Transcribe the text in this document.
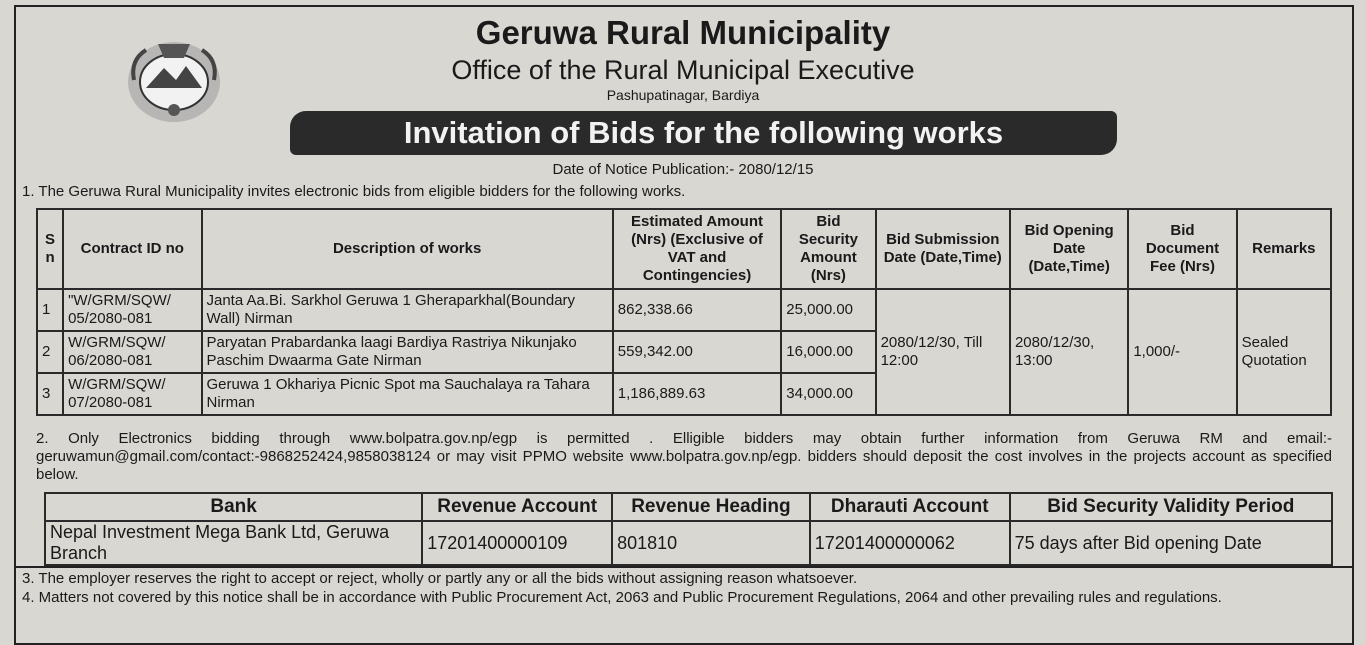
Geruwa Rural Municipality
Office of the Rural Municipal Executive
Pashupatinagar, Bardiya
Invitation of Bids for the following works
Date of Notice Publication:- 2080/12/15
1. The Geruwa Rural Municipality invites electronic bids from eligible bidders for the following works.
S n	Contract ID no	Description of works	Estimated Amount (Nrs) (Exclusive of VAT and Contingencies)	Bid Security Amount (Nrs)	Bid Submission Date (Date,Time)	Bid Opening Date (Date,Time)	Bid Document Fee (Nrs)	Remarks
1	"W/GRM/SQW/ 05/2080-081	Janta Aa.Bi. Sarkhol Geruwa 1 Gheraparkhal(Boundary Wall) Nirman	862,338.66	25,000.00	2080/12/30, Till 12:00	2080/12/30, 13:00	1,000/-	Sealed Quotation
2	W/GRM/SQW/ 06/2080-081	Paryatan Prabardanka laagi Bardiya Rastriya Nikunjako Paschim Dwaarma Gate Nirman	559,342.00	16,000.00				
3	W/GRM/SQW/ 07/2080-081	Geruwa 1 Okhariya Picnic Spot ma Sauchalaya ra Tahara Nirman	1,186,889.63	34,000.00				
2. Only Electronics bidding through www.bolpatra.gov.np/egp is permitted . Elligible bidders may obtain further information from Geruwa RM and email:- geruwamun@gmail.com/contact:-9868252424,9858038124 or may visit PPMO website www.bolpatra.gov.np/egp. bidders should deposit the cost involves in the projects account as specified below.
Bank	Revenue Account	Revenue Heading	Dharauti Account	Bid Security Validity Period
Nepal Investment Mega Bank Ltd, Geruwa Branch	17201400000109	801810	17201400000062	75 days after Bid opening Date
3. The employer reserves the right to accept or reject, wholly or partly any or all the bids without assigning reason whatsoever.
4. Matters not covered by this notice shall be in accordance with Public Procurement Act, 2063 and Public Procurement Regulations, 2064 and other prevailing rules and regulations.
